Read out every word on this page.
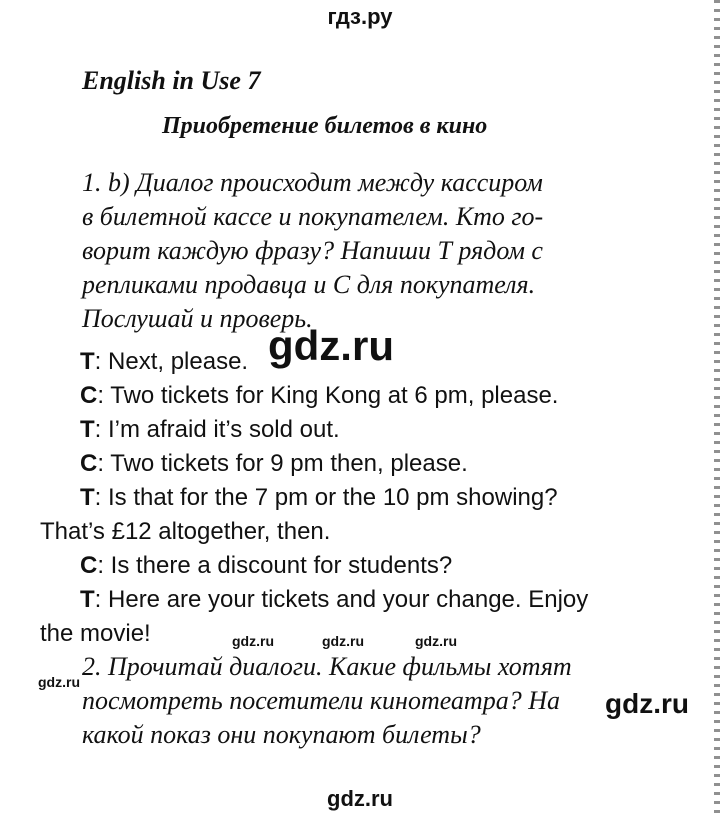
гдз.ру
English in Use 7
Приобретение билетов в кино
1. b) Диалог происходит между кассиром
в билетной кассе и покупателем. Кто го-
ворит каждую фразу? Напиши Т рядом с
репликами продавца и С для покупателя.
Послушай и проверь.
T: Next, please.
C: Two tickets for King Kong at 6 pm, please.
T: I’m afraid it’s sold out.
C: Two tickets for 9 pm then, please.
T: Is that for the 7 pm or the 10 pm showing?
That’s £12 altogether, then.
C: Is there a discount for students?
T: Here are your tickets and your change. Enjoy
the movie!
2. Прочитай диалоги. Какие фильмы хотят
посмотреть посетители кинотеатра? На
какой показ они покупают билеты?
gdz.ru
gdz.ru	gdz.ru	gdz.ru
gdz.ru
gdz.ru
gdz.ru
